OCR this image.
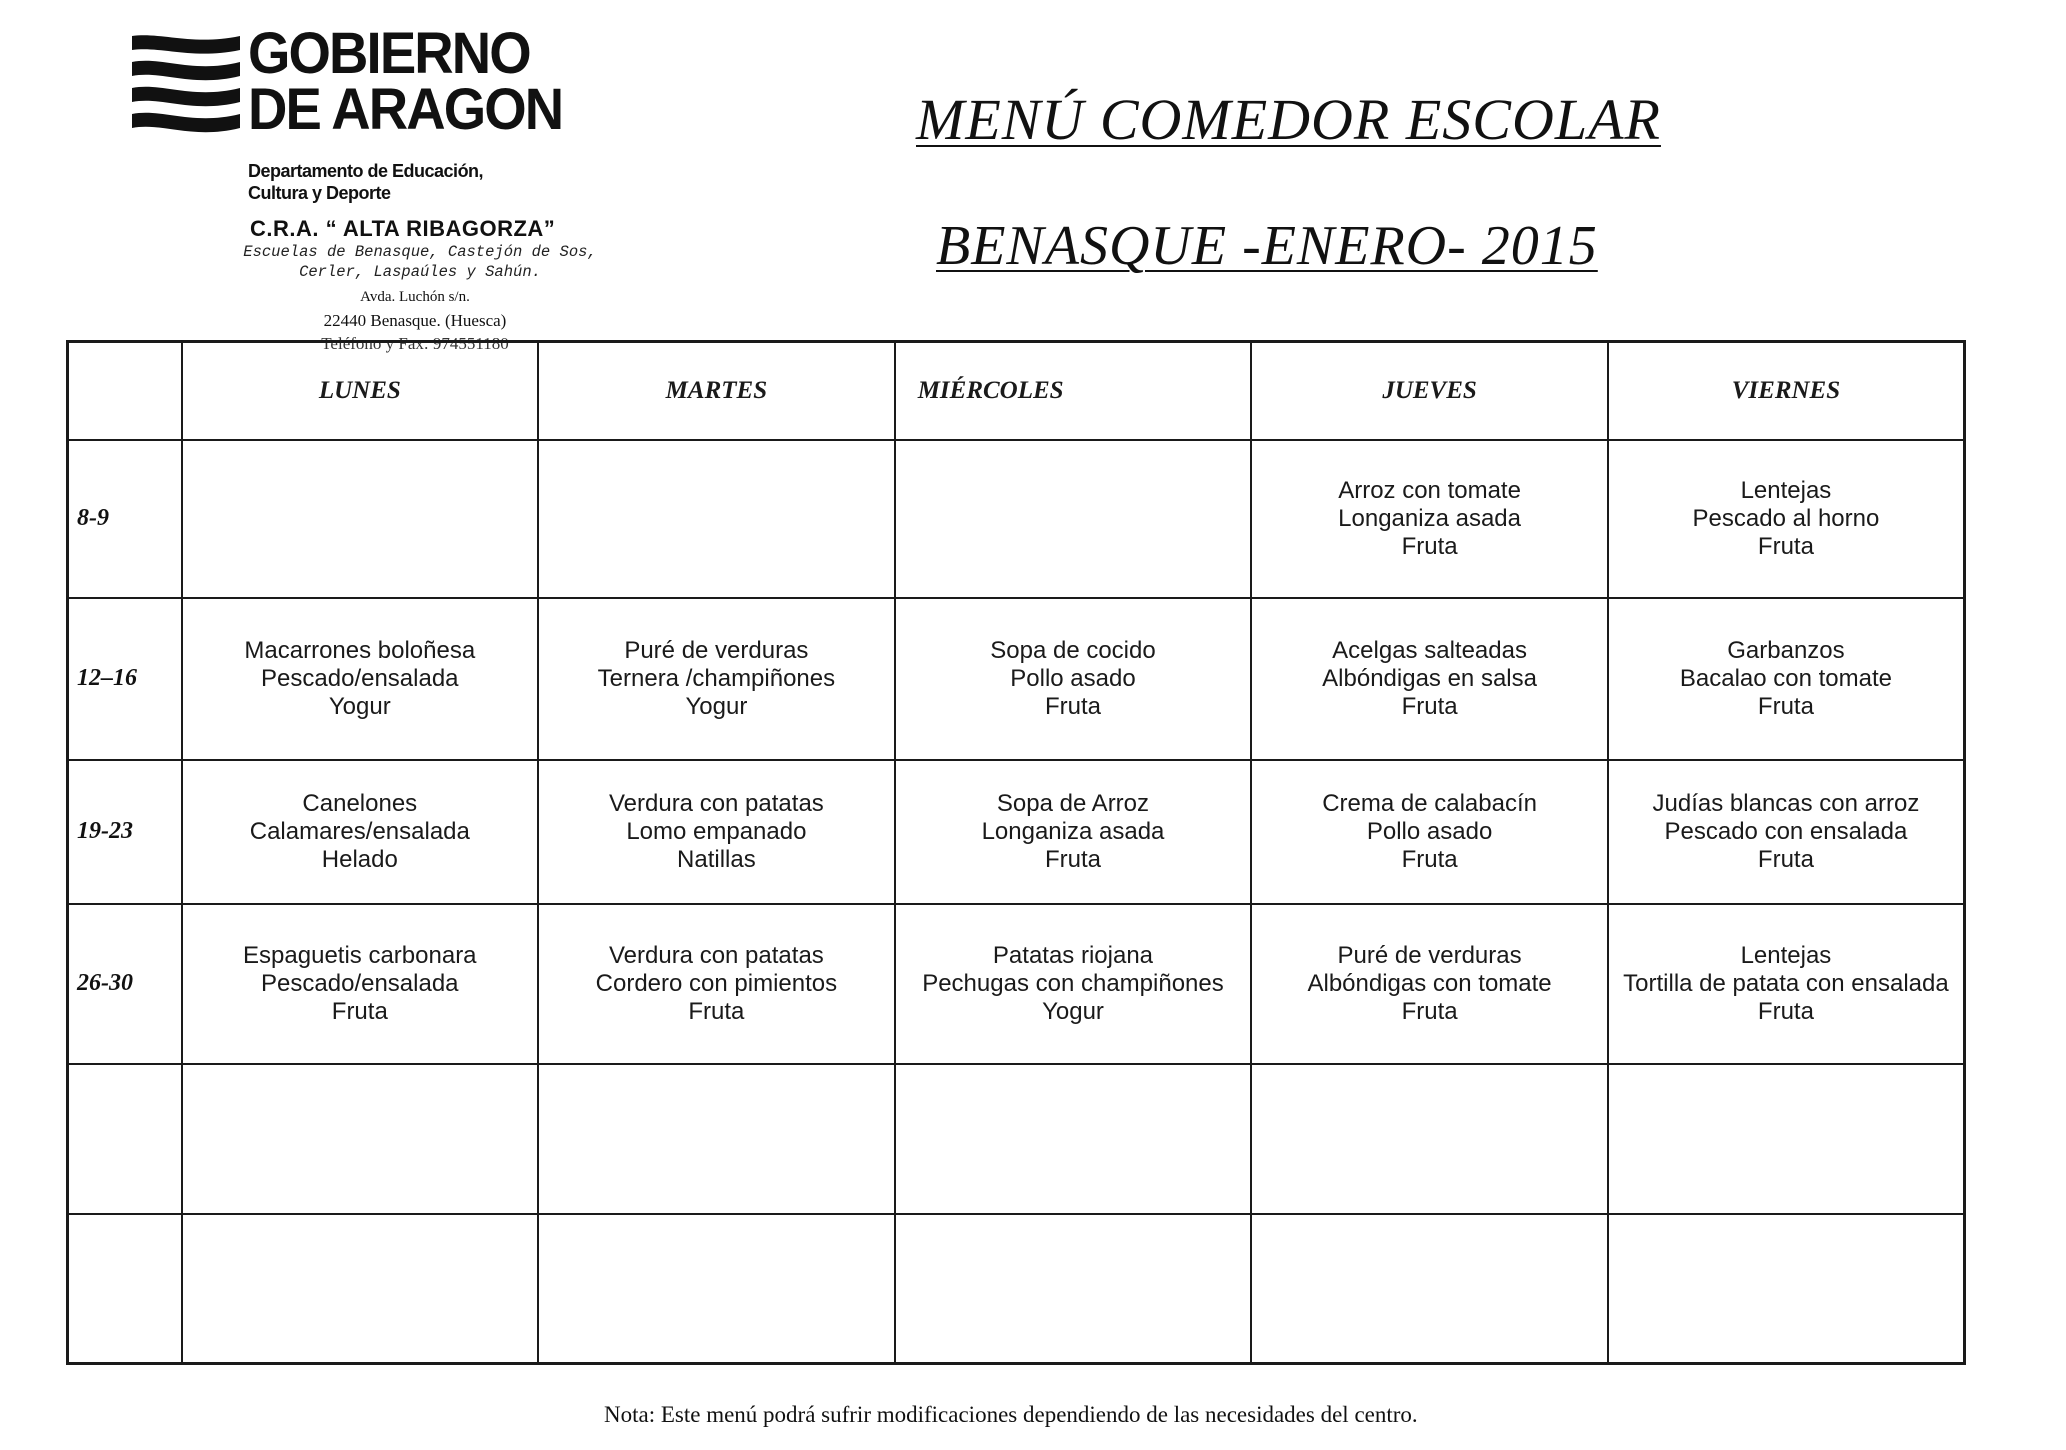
GOBIERNO
DE ARAGON
Departamento de Educación,
Cultura y Deporte
C.R.A. “ ALTA RIBAGORZA”
Escuelas de Benasque, Castejón de Sos,
Cerler, Laspaúles y Sahún.
Avda. Luchón s/n.
22440 Benasque. (Huesca)
Teléfono y Fax: 974551180
MENÚ COMEDOR ESCOLAR
BENASQUE -ENERO- 2015
	LUNES	MARTES	MIÉRCOLES	JUEVES	VIERNES
8-9				Arroz con tomate
Longaniza asada
Fruta	Lentejas
Pescado al horno
Fruta

12–16	Macarrones boloñesa
Pescado/ensalada
Yogur	Puré de verduras
Ternera /champiñones
Yogur	Sopa de cocido
Pollo asado
Fruta	Acelgas salteadas
Albóndigas en salsa
Fruta	Garbanzos
Bacalao con tomate
Fruta

19-23	Canelones
Calamares/ensalada
Helado	Verdura con patatas
Lomo empanado
Natillas	Sopa de Arroz
Longaniza asada
Fruta	Crema de calabacín
Pollo asado
Fruta	Judías blancas con arroz
Pescado con ensalada
Fruta

26-30	Espaguetis carbonara
Pescado/ensalada
Fruta	Verdura con patatas
Cordero con pimientos
Fruta	Patatas riojana
Pechugas con champiñones
Yogur	Puré de verduras
Albóndigas con tomate
Fruta	Lentejas
Tortilla de patata con ensalada
Fruta

Nota: Este menú podrá sufrir modificaciones dependiendo de las necesidades del centro.
